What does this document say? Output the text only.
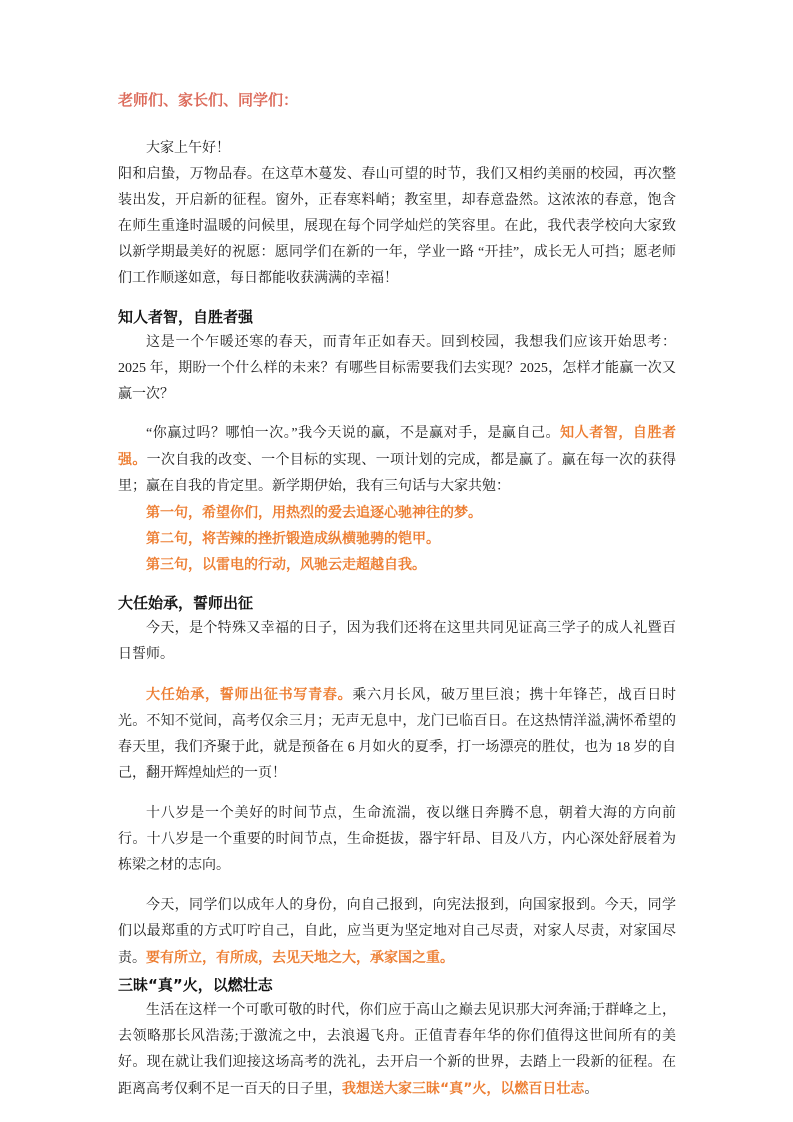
老师们、家长们、同学们：

大家上午好！

阳和启蛰，万物品春。在这草木蔓发、春山可望的时节，我们又相约美丽的校园，再次整装出发，开启新的征程。窗外，正春寒料峭；教室里，却春意盎然。这浓浓的春意，饱含在师生重逢时温暖的问候里，展现在每个同学灿烂的笑容里。在此，我代表学校向大家致以新学期最美好的祝愿：愿同学们在新的一年，学业一路 “开挂”，成长无人可挡；愿老师们工作顺遂如意，每日都能收获满满的幸福！

知人者智，自胜者强

这是一个乍暖还寒的春天，而青年正如春天。回到校园，我想我们应该开始思考：2025 年，期盼一个什么样的未来？有哪些目标需要我们去实现？2025，怎样才能赢一次又赢一次？

“你赢过吗？哪怕一次。”我今天说的赢，不是赢对手，是赢自己。知人者智，自胜者强。一次自我的改变、一个目标的实现、一项计划的完成，都是赢了。赢在每一次的获得里；赢在自我的肯定里。新学期伊始，我有三句话与大家共勉：

第一句，希望你们，用热烈的爱去追逐心驰神往的梦。

第二句，将苦辣的挫折锻造成纵横驰骋的铠甲。

第三句，以雷电的行动，风驰云走超越自我。

大任始承，誓师出征

今天，是个特殊又幸福的日子，因为我们还将在这里共同见证高三学子的成人礼暨百日誓师。

大任始承，誓师出征书写青春。乘六月长风，破万里巨浪；携十年锋芒，战百日时光。不知不觉间，高考仅余三月；无声无息中，龙门已临百日。在这热情洋溢,满怀希望的春天里，我们齐聚于此，就是预备在 6 月如火的夏季，打一场漂亮的胜仗，也为 18 岁的自己，翻开辉煌灿烂的一页！

十八岁是一个美好的时间节点，生命流湍，夜以继日奔腾不息，朝着大海的方向前行。十八岁是一个重要的时间节点，生命挺拔，器宇轩昂、目及八方，内心深处舒展着为栋梁之材的志向。

今天，同学们以成年人的身份，向自己报到，向宪法报到，向国家报到。今天，同学们以最郑重的方式叮咛自己，自此，应当更为坚定地对自己尽责，对家人尽责，对家国尽责。要有所立，有所成，去见天地之大，承家国之重。

三昧“真”火，以燃壮志

生活在这样一个可歌可敬的时代，你们应于高山之巅去见识那大河奔涌;于群峰之上，去领略那长风浩荡;于激流之中，去浪遏飞舟。正值青春年华的你们值得这世间所有的美好。现在就让我们迎接这场高考的洗礼，去开启一个新的世界，去踏上一段新的征程。在距离高考仅剩不足一百天的日子里，我想送大家三昧“真”火，以燃百日壮志。
